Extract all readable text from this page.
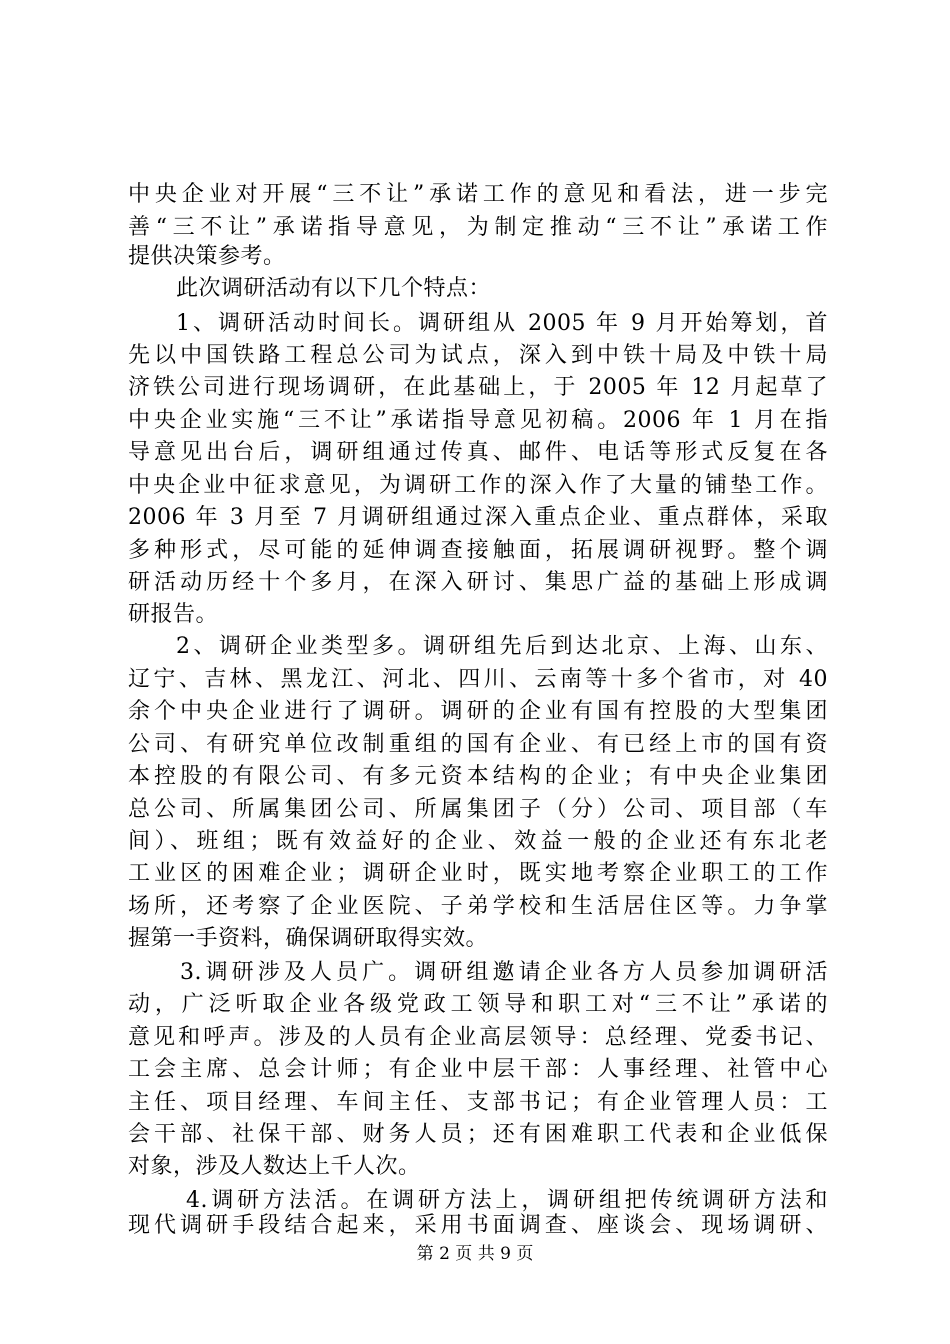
中央企业对开展“三不让”承诺工作的意见和看法，进一步完
善“三不让”承诺指导意见，为制定推动“三不让”承诺工作
提供决策参考。
此次调研活动有以下几个特点：
1、调研活动时间长。调研组从 2005 年 9 月开始筹划，首
先以中国铁路工程总公司为试点，深入到中铁十局及中铁十局
济铁公司进行现场调研，在此基础上，于 2005 年 12 月起草了
中央企业实施“三不让”承诺指导意见初稿。2006 年 1 月在指
导意见出台后，调研组通过传真、邮件、电话等形式反复在各
中央企业中征求意见，为调研工作的深入作了大量的铺垫工作。
2006 年 3 月至 7 月调研组通过深入重点企业、重点群体，采取
多种形式，尽可能的延伸调查接触面，拓展调研视野。整个调
研活动历经十个多月，在深入研讨、集思广益的基础上形成调
研报告。
2、调研企业类型多。调研组先后到达北京、上海、山东、
辽宁、吉林、黑龙江、河北、四川、云南等十多个省市，对 40
余个中央企业进行了调研。调研的企业有国有控股的大型集团
公司、有研究单位改制重组的国有企业、有已经上市的国有资
本控股的有限公司、有多元资本结构的企业；有中央企业集团
总公司、所属集团公司、所属集团子（分）公司、项目部（车
间）、班组；既有效益好的企业、效益一般的企业还有东北老
工业区的困难企业；调研企业时，既实地考察企业职工的工作
场所，还考察了企业医院、子弟学校和生活居住区等。力争掌
握第一手资料，确保调研取得实效。
3.调研涉及人员广。调研组邀请企业各方人员参加调研活
动，广泛听取企业各级党政工领导和职工对“三不让”承诺的
意见和呼声。涉及的人员有企业高层领导：总经理、党委书记、
工会主席、总会计师；有企业中层干部：人事经理、社管中心
主任、项目经理、车间主任、支部书记；有企业管理人员：工
会干部、社保干部、财务人员；还有困难职工代表和企业低保
对象，涉及人数达上千人次。
4.调研方法活。在调研方法上，调研组把传统调研方法和
现代调研手段结合起来，采用书面调查、座谈会、现场调研、
第 2 页 共 9 页
